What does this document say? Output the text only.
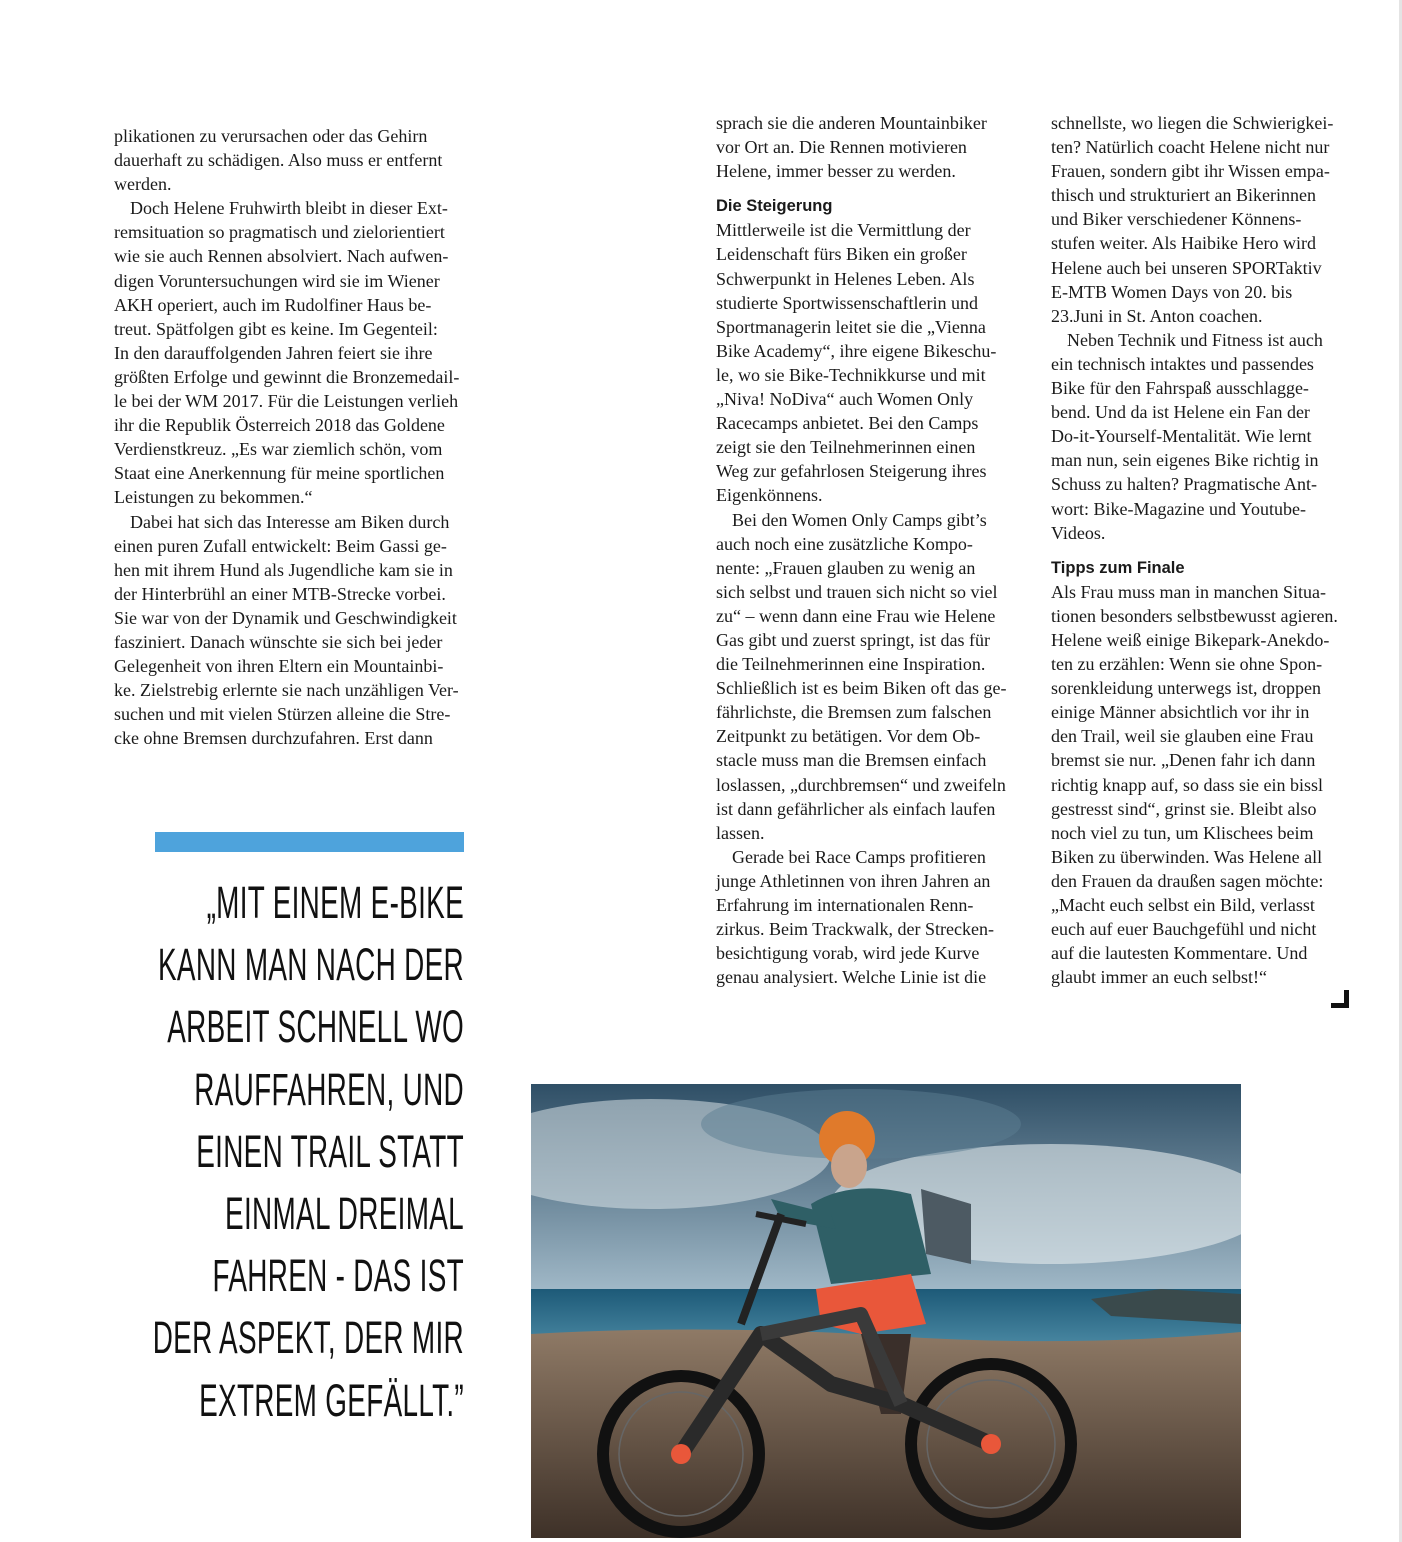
plikationen zu verursachen oder das Gehirn
dauerhaft zu schädigen. Also muss er entfernt
werden.
Doch Helene Fruhwirth bleibt in dieser Ext-
remsituation so pragmatisch und zielorientiert
wie sie auch Rennen absolviert. Nach aufwen-
digen Voruntersuchungen wird sie im Wiener
AKH operiert, auch im Rudolfiner Haus be-
treut. Spätfolgen gibt es keine. Im Gegenteil:
In den darauffolgenden Jahren feiert sie ihre
größten Erfolge und gewinnt die Bronzemedail-
le bei der WM 2017. Für die Leistungen verlieh
ihr die Republik Österreich 2018 das Goldene
Verdienstkreuz. „Es war ziemlich schön, vom
Staat eine Anerkennung für meine sportlichen
Leistungen zu bekommen.“
Dabei hat sich das Interesse am Biken durch
einen puren Zufall entwickelt: Beim Gassi ge-
hen mit ihrem Hund als Jugendliche kam sie in
der Hinterbrühl an einer MTB-Strecke vorbei.
Sie war von der Dynamik und Geschwindigkeit
fasziniert. Danach wünschte sie sich bei jeder
Gelegenheit von ihren Eltern ein Mountainbi-
ke. Zielstrebig erlernte sie nach unzähligen Ver-
suchen und mit vielen Stürzen alleine die Stre-
cke ohne Bremsen durchzufahren. Erst dann
sprach sie die anderen Mountainbiker
vor Ort an. Die Rennen motivieren
Helene, immer besser zu werden.
Die Steigerung
Mittlerweile ist die Vermittlung der
Leidenschaft fürs Biken ein großer
Schwerpunkt in Helenes Leben. Als
studierte Sportwissenschaftlerin und
Sportmanagerin leitet sie die „Vienna
Bike Academy“, ihre eigene Bikeschu-
le, wo sie Bike-Technikkurse und mit
„Niva! NoDiva“ auch Women Only
Racecamps anbietet. Bei den Camps
zeigt sie den Teilnehmerinnen einen
Weg zur gefahrlosen Steigerung ihres
Eigenkönnens.
Bei den Women Only Camps gibt’s
auch noch eine zusätzliche Kompo-
nente: „Frauen glauben zu wenig an
sich selbst und trauen sich nicht so viel
zu“ – wenn dann eine Frau wie Helene
Gas gibt und zuerst springt, ist das für
die Teilnehmerinnen eine Inspiration.
Schließlich ist es beim Biken oft das ge-
fährlichste, die Bremsen zum falschen
Zeitpunkt zu betätigen. Vor dem Ob-
stacle muss man die Bremsen einfach
loslassen, „durchbremsen“ und zweifeln
ist dann gefährlicher als einfach laufen
lassen.
Gerade bei Race Camps profitieren
junge Athletinnen von ihren Jahren an
Erfahrung im internationalen Renn-
zirkus. Beim Trackwalk, der Strecken-
besichtigung vorab, wird jede Kurve
genau analysiert. Welche Linie ist die
schnellste, wo liegen die Schwierigkei-
ten? Natürlich coacht Helene nicht nur
Frauen, sondern gibt ihr Wissen empa-
thisch und strukturiert an Bikerinnen
und Biker verschiedener Könnens-
stufen weiter. Als Haibike Hero wird
Helene auch bei unseren SPORTaktiv
E-MTB Women Days von 20. bis
23.Juni in St. Anton coachen.
Neben Technik und Fitness ist auch
ein technisch intaktes und passendes
Bike für den Fahrspaß ausschlagge-
bend. Und da ist Helene ein Fan der
Do-it-Yourself-Mentalität. Wie lernt
man nun, sein eigenes Bike richtig in
Schuss zu halten? Pragmatische Ant-
wort: Bike-Magazine und Youtube-
Videos.
Tipps zum Finale
Als Frau muss man in manchen Situa-
tionen besonders selbstbewusst agieren.
Helene weiß einige Bikepark-Anekdo-
ten zu erzählen: Wenn sie ohne Spon-
sorenkleidung unterwegs ist, droppen
einige Männer absichtlich vor ihr in
den Trail, weil sie glauben eine Frau
bremst sie nur. „Denen fahr ich dann
richtig knapp auf, so dass sie ein bissl
gestresst sind“, grinst sie. Bleibt also
noch viel zu tun, um Klischees beim
Biken zu überwinden. Was Helene all
den Frauen da draußen sagen möchte:
„Macht euch selbst ein Bild, verlasst
euch auf euer Bauchgefühl und nicht
auf die lautesten Kommentare. Und
glaubt immer an euch selbst!“
„MIT EINEM E-BIKE
KANN MAN NACH DER
ARBEIT SCHNELL WO
RAUFFAHREN, UND
EINEN TRAIL STATT
EINMAL DREIMAL
FAHREN - DAS IST
DER ASPEKT, DER MIR
EXTREM GEFÄLLT.”
